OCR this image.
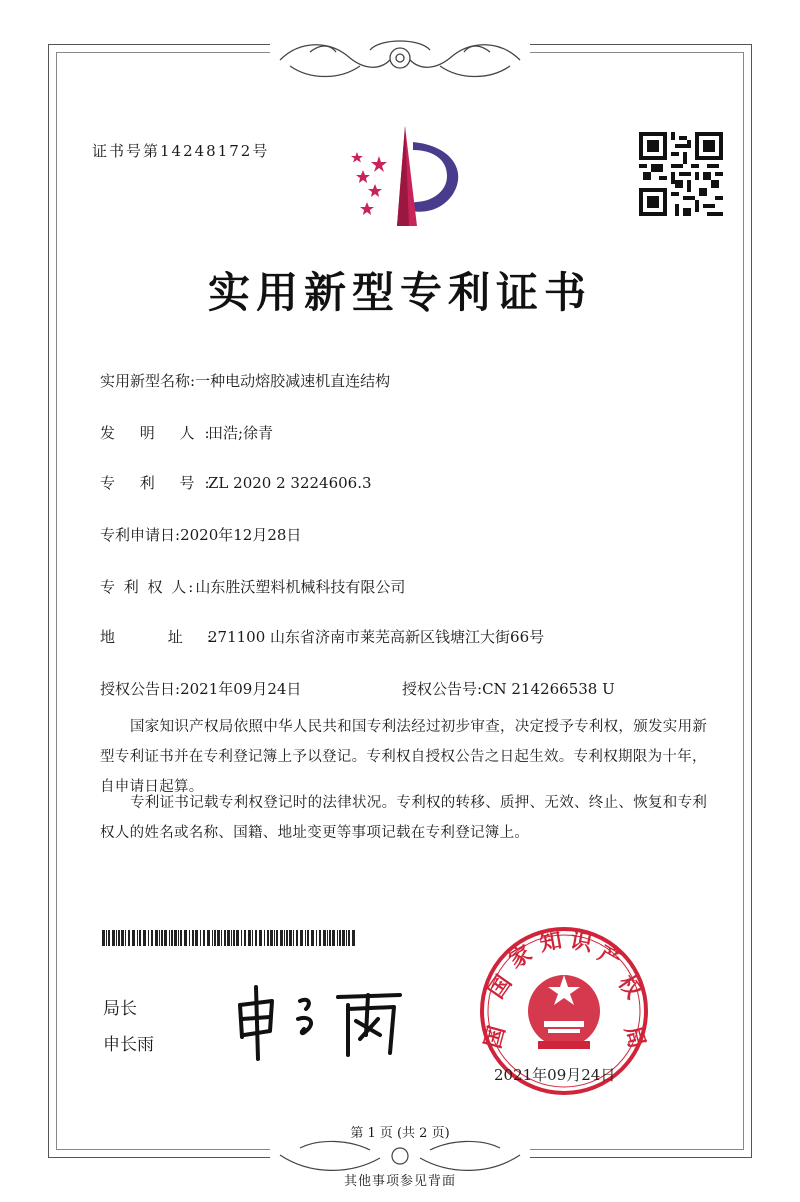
证书号第14248172号
实用新型专利证书
实用新型名称:一种电动熔胶减速机直连结构
发 明 人:田浩;徐青
专 利 号:ZL 2020 2 3224606.3
专利申请日:2020年12月28日
专 利 权 人:山东胜沃塑料机械科技有限公司
地 址:271100 山东省济南市莱芜高新区钱塘江大街66号
授权公告日:2021年09月24日	授权公告号:CN 214266538 U
国家知识产权局依照中华人民共和国专利法经过初步审查，决定授予专利权，颁发实用新型专利证书并在专利登记簿上予以登记。专利权自授权公告之日起生效。专利权期限为十年，自申请日起算。
专利证书记载专利权登记时的法律状况。专利权的转移、质押、无效、终止、恢复和专利权人的姓名或名称、国籍、地址变更等事项记载在专利登记簿上。
局长
申长雨
国
家 知 识 产
权
局
国
2021年09月24日
第 1 页 (共 2 页)
其他事项参见背面
